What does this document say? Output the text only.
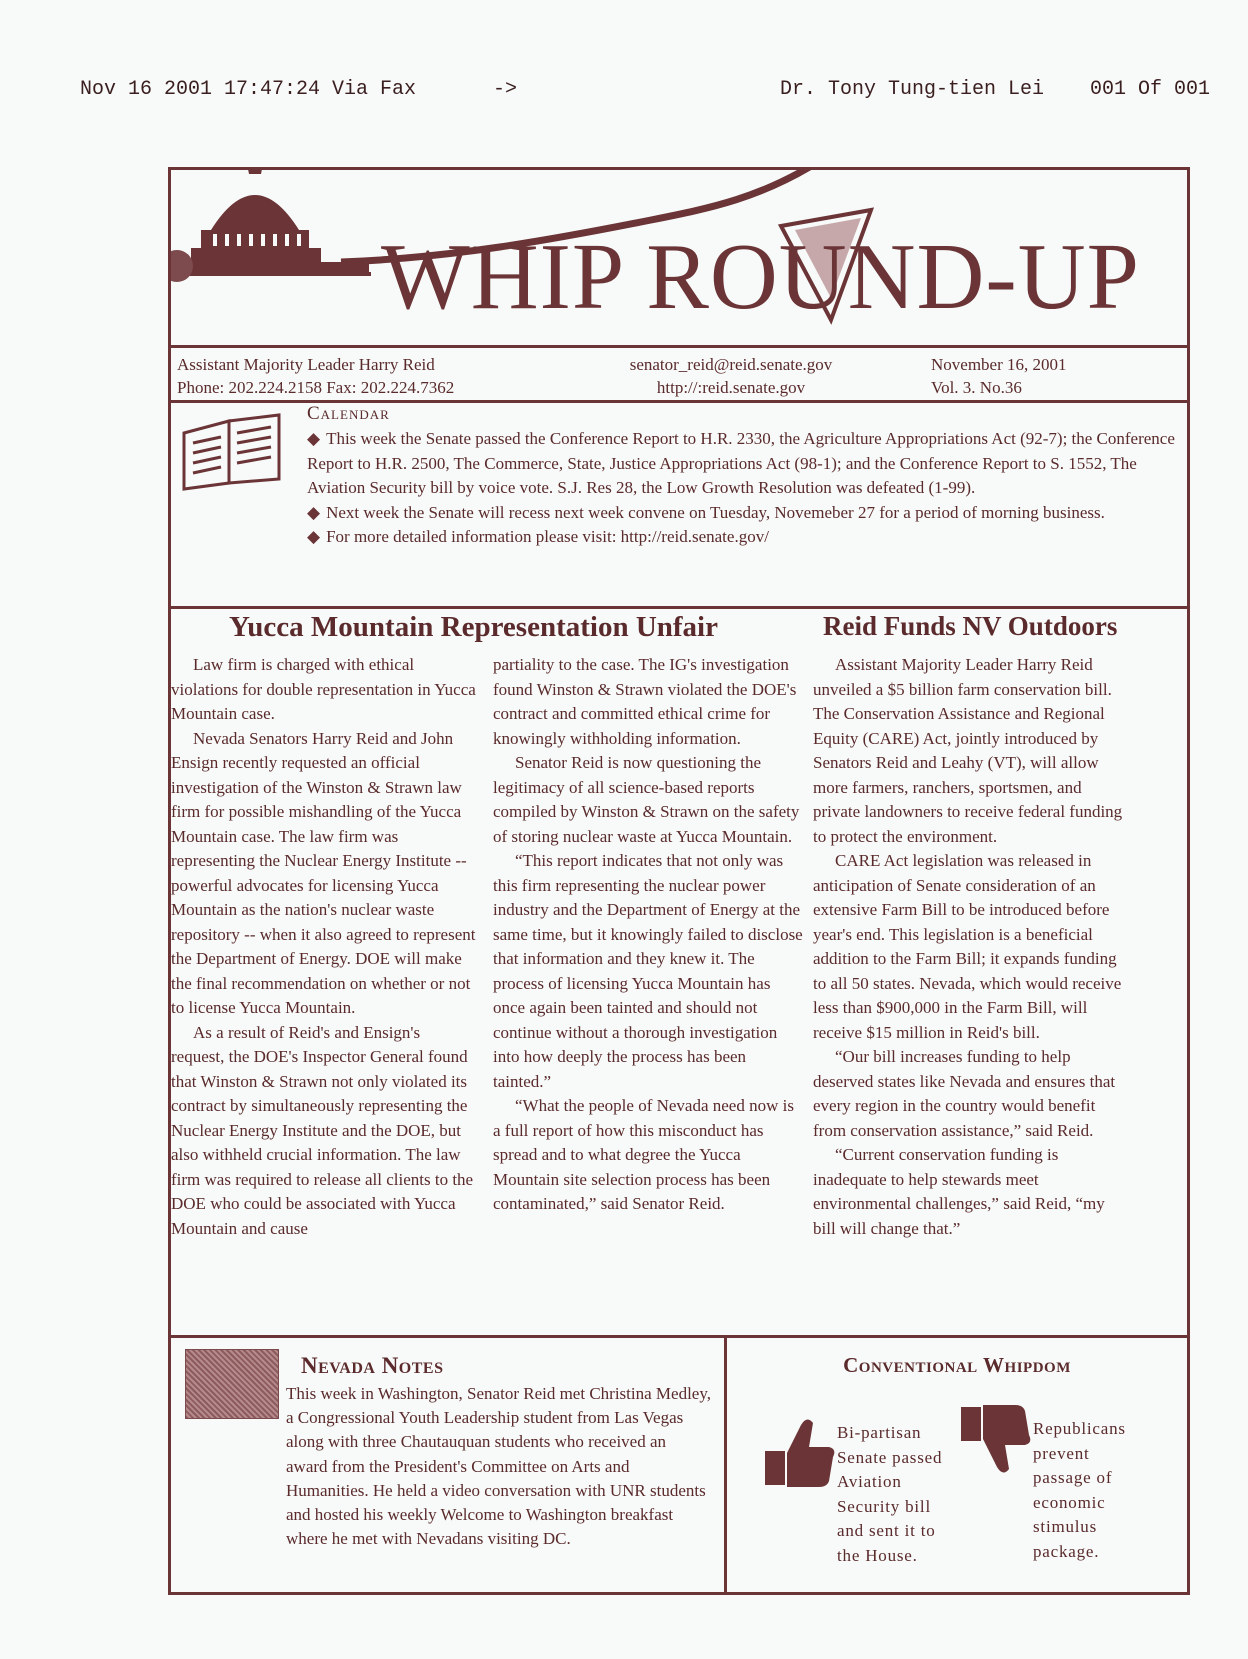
Nov 16 2001 17:47:24 Via Fax	->	Dr. Tony Tung-tien Lei 001 Of 001
WHIP ROUND-UP
Assistant Majority Leader Harry Reid
Phone: 202.224.2158 Fax: 202.224.7362
senator_reid@reid.senate.gov
http://:reid.senate.gov
November 16, 2001
Vol. 3. No.36
Calendar

◆ This week the Senate passed the Conference Report to H.R. 2330, the Agriculture Appropriations Act (92-7); the Conference Report to H.R. 2500, The Commerce, State, Justice Appropriations Act (98-1); and the Conference Report to S. 1552, The Aviation Security bill by voice vote. S.J. Res 28, the Low Growth Resolution was defeated (1-99).

◆ Next week the Senate will recess next week convene on Tuesday, Novemeber 27 for a period of morning business.

◆ For more detailed information please visit: http://reid.senate.gov/

Yucca Mountain Representation Unfair

Law firm is charged with ethical violations for double representation in Yucca Mountain case.

Nevada Senators Harry Reid and John Ensign recently requested an official investigation of the Winston & Strawn law firm for possible mishandling of the Yucca Mountain case. The law firm was representing the Nuclear Energy Institute -- powerful advocates for licensing Yucca Mountain as the nation's nuclear waste repository -- when it also agreed to represent the Department of Energy. DOE will make the final recommendation on whether or not to license Yucca Mountain.

As a result of Reid's and Ensign's request, the DOE's Inspector General found that Winston & Strawn not only violated its contract by simultaneously representing the Nuclear Energy Institute and the DOE, but also withheld crucial information. The law firm was required to release all clients to the DOE who could be associated with Yucca Mountain and cause

partiality to the case. The IG's investigation found Winston & Strawn violated the DOE's contract and committed ethical crime for knowingly withholding information.

Senator Reid is now questioning the legitimacy of all science-based reports compiled by Winston & Strawn on the safety of storing nuclear waste at Yucca Mountain.

“This report indicates that not only was this firm representing the nuclear power industry and the Department of Energy at the same time, but it knowingly failed to disclose that information and they knew it. The process of licensing Yucca Mountain has once again been tainted and should not continue without a thorough investigation into how deeply the process has been tainted.”

“What the people of Nevada need now is a full report of how this misconduct has spread and to what degree the Yucca Mountain site selection process has been contaminated,” said Senator Reid.

Reid Funds NV Outdoors

Assistant Majority Leader Harry Reid unveiled a $5 billion farm conservation bill. The Conservation Assistance and Regional Equity (CARE) Act, jointly introduced by Senators Reid and Leahy (VT), will allow more farmers, ranchers, sportsmen, and private landowners to receive federal funding to protect the environment.

CARE Act legislation was released in anticipation of Senate consideration of an extensive Farm Bill to be introduced before year's end. This legislation is a beneficial addition to the Farm Bill; it expands funding to all 50 states. Nevada, which would receive less than $900,000 in the Farm Bill, will receive $15 million in Reid's bill.

“Our bill increases funding to help deserved states like Nevada and ensures that every region in the country would benefit from conservation assistance,” said Reid.

“Current conservation funding is inadequate to help stewards meet environmental challenges,” said Reid, “my bill will change that.”

Nevada Notes
This week in Washington, Senator Reid met Christina Medley, a Congressional Youth Leadership student from Las Vegas along with three Chautauquan students who received an award from the President's Committee on Arts and Humanities. He held a video conversation with UNR students and hosted his weekly Welcome to Washington breakfast where he met with Nevadans visiting DC.
Conventional Whipdom
Bi-partisan Senate passed Aviation Security bill and sent it to the House.
Republicans prevent passage of economic stimulus package.
